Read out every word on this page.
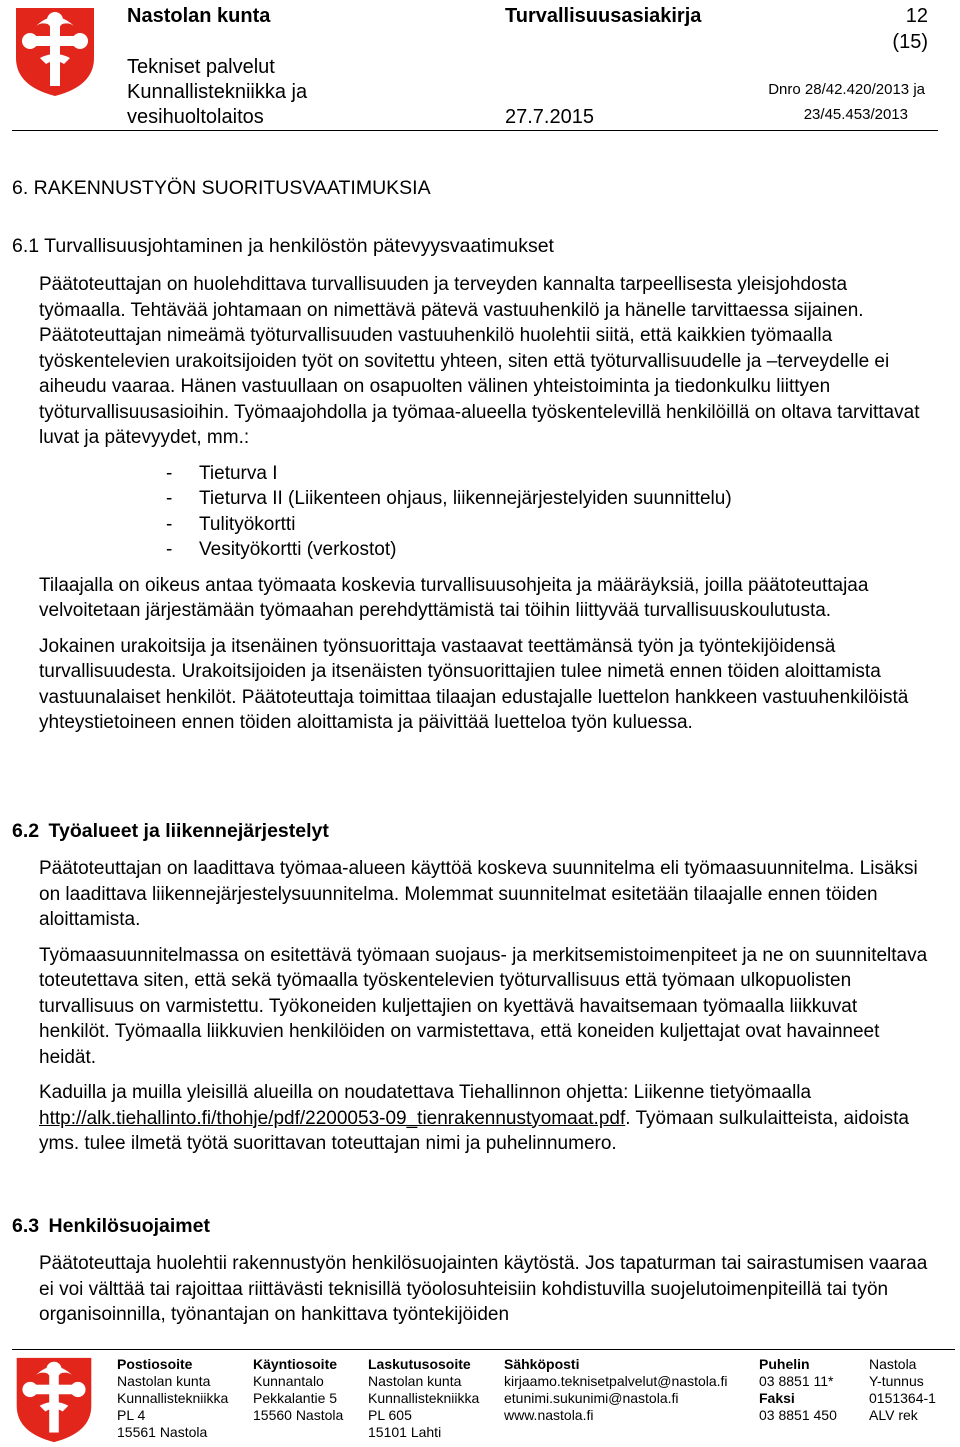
Nastolan kunta
Tekniset palvelut
Kunnallistekniikka ja
vesihuoltolaitos
Turvallisuusasiakirja
27.7.2015
12
(15)
Dnro 28/42.420/2013 ja
23/45.453/2013
6. RAKENNUSTYÖN SUORITUSVAATIMUKSIA
6.1 Turvallisuusjohtaminen ja henkilöstön pätevyysvaatimukset

Päätoteuttajan on huolehdittava turvallisuuden ja terveyden kannalta tarpeellisesta yleisjohdosta työmaalla. Tehtävää johtamaan on nimettävä pätevä vastuuhenkilö ja hänelle tarvittaessa sijainen. Päätoteuttajan nimeämä työturvallisuuden vastuuhenkilö huolehtii siitä, että kaikkien työmaalla työskentelevien urakoitsijoiden työt on sovitettu yhteen, siten että työturvallisuudelle ja –terveydelle ei aiheudu vaaraa. Hänen vastuullaan on osapuolten välinen yhteistoiminta ja tiedonkulku liittyen työturvallisuusasioihin. Työmaajohdolla ja työmaa-alueella työskentelevillä henkilöillä on oltava tarvittavat luvat ja pätevyydet, mm.:

- Tieturva I
- Tieturva II (Liikenteen ohjaus, liikennejärjestelyiden suunnittelu)
- Tulityökortti
- Vesityökortti (verkostot)

Tilaajalla on oikeus antaa työmaata koskevia turvallisuusohjeita ja määräyksiä, joilla päätoteuttajaa velvoitetaan järjestämään työmaahan perehdyttämistä tai töihin liittyvää turvallisuuskoulutusta.

Jokainen urakoitsija ja itsenäinen työnsuorittaja vastaavat teettämänsä työn ja työntekijöidensä turvallisuudesta. Urakoitsijoiden ja itsenäisten työnsuorittajien tulee nimetä ennen töiden aloittamista vastuunalaiset henkilöt. Päätoteuttaja toimittaa tilaajan edustajalle luettelon hankkeen vastuuhenkilöistä yhteystietoineen ennen töiden aloittamista ja päivittää luetteloa työn kuluessa.

6.2 Työalueet ja liikennejärjestelyt

Päätoteuttajan on laadittava työmaa-alueen käyttöä koskeva suunnitelma eli työmaasuunnitelma. Lisäksi on laadittava liikennejärjestelysuunnitelma. Molemmat suunnitelmat esitetään tilaajalle ennen töiden aloittamista.

Työmaasuunnitelmassa on esitettävä työmaan suojaus- ja merkitsemistoimenpiteet ja ne on suunniteltava toteutettava siten, että sekä työmaalla työskentelevien työturvallisuus että työmaan ulkopuolisten turvallisuus on varmistettu. Työkoneiden kuljettajien on kyettävä havaitsemaan työmaalla liikkuvat henkilöt. Työmaalla liikkuvien henkilöiden on varmistettava, että koneiden kuljettajat ovat havainneet heidät.

Kaduilla ja muilla yleisillä alueilla on noudatettava Tiehallinnon ohjetta: Liikenne tietyömaalla http://alk.tiehallinto.fi/thohje/pdf/2200053-09_tienrakennustyomaat.pdf. Työmaan sulkulaitteista, aidoista yms. tulee ilmetä työtä suorittavan toteuttajan nimi ja puhelinnumero.

6.3 Henkilösuojaimet

Päätoteuttaja huolehtii rakennustyön henkilösuojainten käytöstä. Jos tapaturman tai sairastumisen vaaraa ei voi välttää tai rajoittaa riittävästi teknisillä työolosuhteisiin kohdistuvilla suojelutoimenpiteillä tai työn organisoinnilla, työnantajan on hankittava työntekijöiden

Postiosoite
Nastolan kunta
Kunnallistekniikka
PL 4
15561 Nastola
Käyntiosoite
Kunnantalo
Pekkalantie 5
15560 Nastola
Laskutusosoite
Nastolan kunta
Kunnallistekniikka
PL 605
15101 Lahti
Sähköposti
kirjaamo.teknisetpalvelut@nastola.fi
etunimi.sukunimi@nastola.fi
www.nastola.fi
Puhelin
03 8851 11*
Faksi
03 8851 450
Nastola
Y-tunnus
0151364-1
ALV rek
